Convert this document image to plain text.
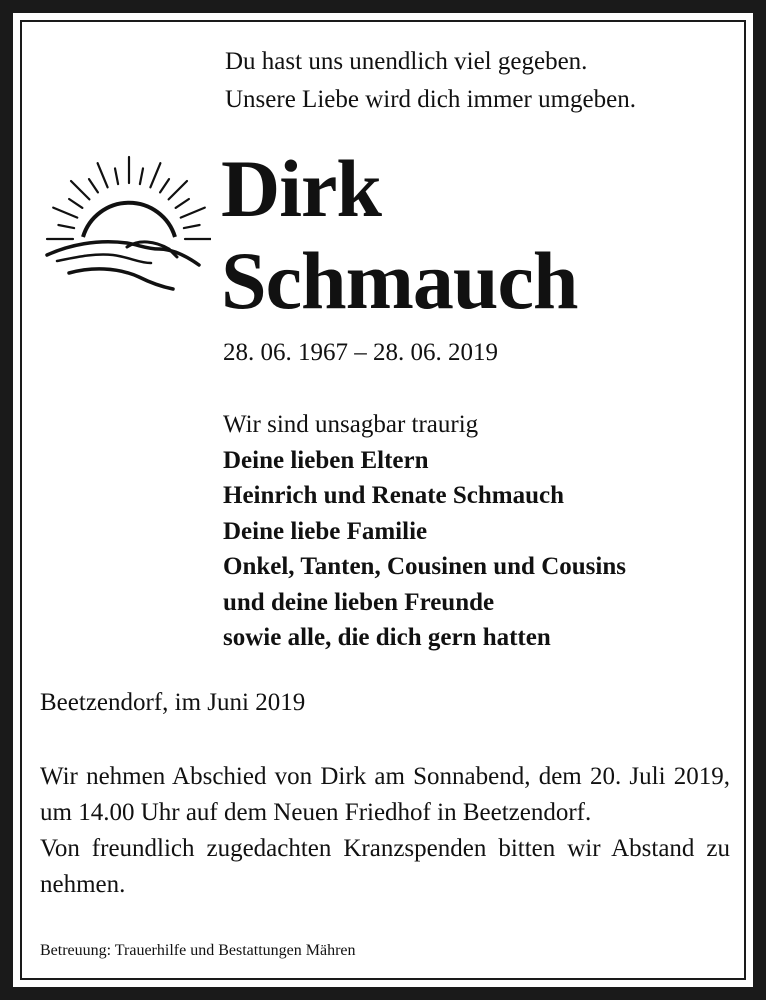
Du hast uns unendlich viel gegeben.
Unsere Liebe wird dich immer umgeben.
Dirk
Schmauch
28. 06. 1967 – 28. 06. 2019
Wir sind unsagbar traurig
Deine lieben Eltern
Heinrich und Renate Schmauch
Deine liebe Familie
Onkel, Tanten, Cousinen und Cousins
und deine lieben Freunde
sowie alle, die dich gern hatten
Beetzendorf, im Juni 2019

Wir nehmen Abschied von Dirk am Sonnabend, dem 20. Juli 2019, um 14.00 Uhr auf dem Neuen Friedhof in Beetzendorf.

Von freundlich zugedachten Kranzspenden bitten wir Abstand zu nehmen.

Betreuung: Trauerhilfe und Bestattungen Mähren
